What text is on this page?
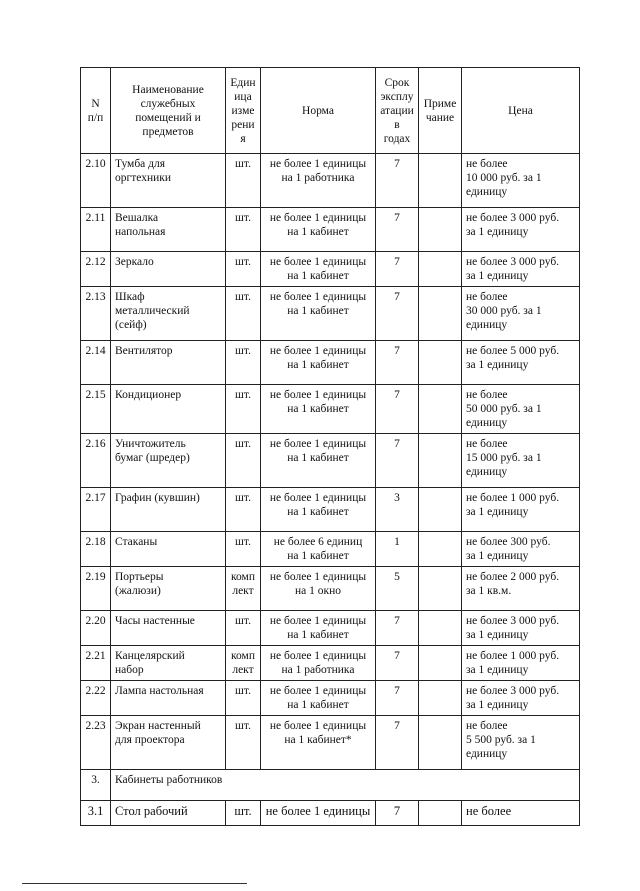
N
п/п	Наименование
служебных
помещений и
предметов	Един
ица
изме
рени
я	Норма	Срок
эксплу
атации
в
годах	Приме
чание	Цена
2.10	Тумба для
оргтехники	шт.	не более 1 единицы
на 1 работника	7		не более
10 000 руб. за 1
единицу
2.11	Вешалка
напольная	шт.	не более 1 единицы
на 1 кабинет	7		не более 3 000 руб.
за 1 единицу
2.12	Зеркало	шт.	не более 1 единицы
на 1 кабинет	7		не более 3 000 руб.
за 1 единицу
2.13	Шкаф
металлический
(сейф)	шт.	не более 1 единицы
на 1 кабинет	7		не более
30 000 руб. за 1
единицу
2.14	Вентилятор	шт.	не более 1 единицы
на 1 кабинет	7		не более 5 000 руб.
за 1 единицу
2.15	Кондиционер	шт.	не более 1 единицы
на 1 кабинет	7		не более
50 000 руб. за 1
единицу
2.16	Уничтожитель
бумаг (шредер)	шт.	не более 1 единицы
на 1 кабинет	7		не более
15 000 руб. за 1
единицу
2.17	Графин (кувшин)	шт.	не более 1 единицы
на 1 кабинет	3		не более 1 000 руб.
за 1 единицу
2.18	Стаканы	шт.	не более 6 единиц
на 1 кабинет	1		не более 300 руб.
за 1 единицу
2.19	Портьеры
(жалюзи)	комп
лект	не более 1 единицы
на 1 окно	5		не более 2 000 руб.
за 1 кв.м.
2.20	Часы настенные	шт.	не более 1 единицы
на 1 кабинет	7		не более 3 000 руб.
за 1 единицу
2.21	Канцелярский
набор	комп
лект	не более 1 единицы
на 1 работника	7		не более 1 000 руб.
за 1 единицу
2.22	Лампа настольная	шт.	не более 1 единицы
на 1 кабинет	7		не более 3 000 руб.
за 1 единицу
2.23	Экран настенный
для проектора	шт.	не более 1 единицы
на 1 кабинет*	7		не более
5 500 руб. за 1
единицу
3.	Кабинеты работников					
3.1	Стол рабочий	шт.	не более 1 единицы	7		не более
